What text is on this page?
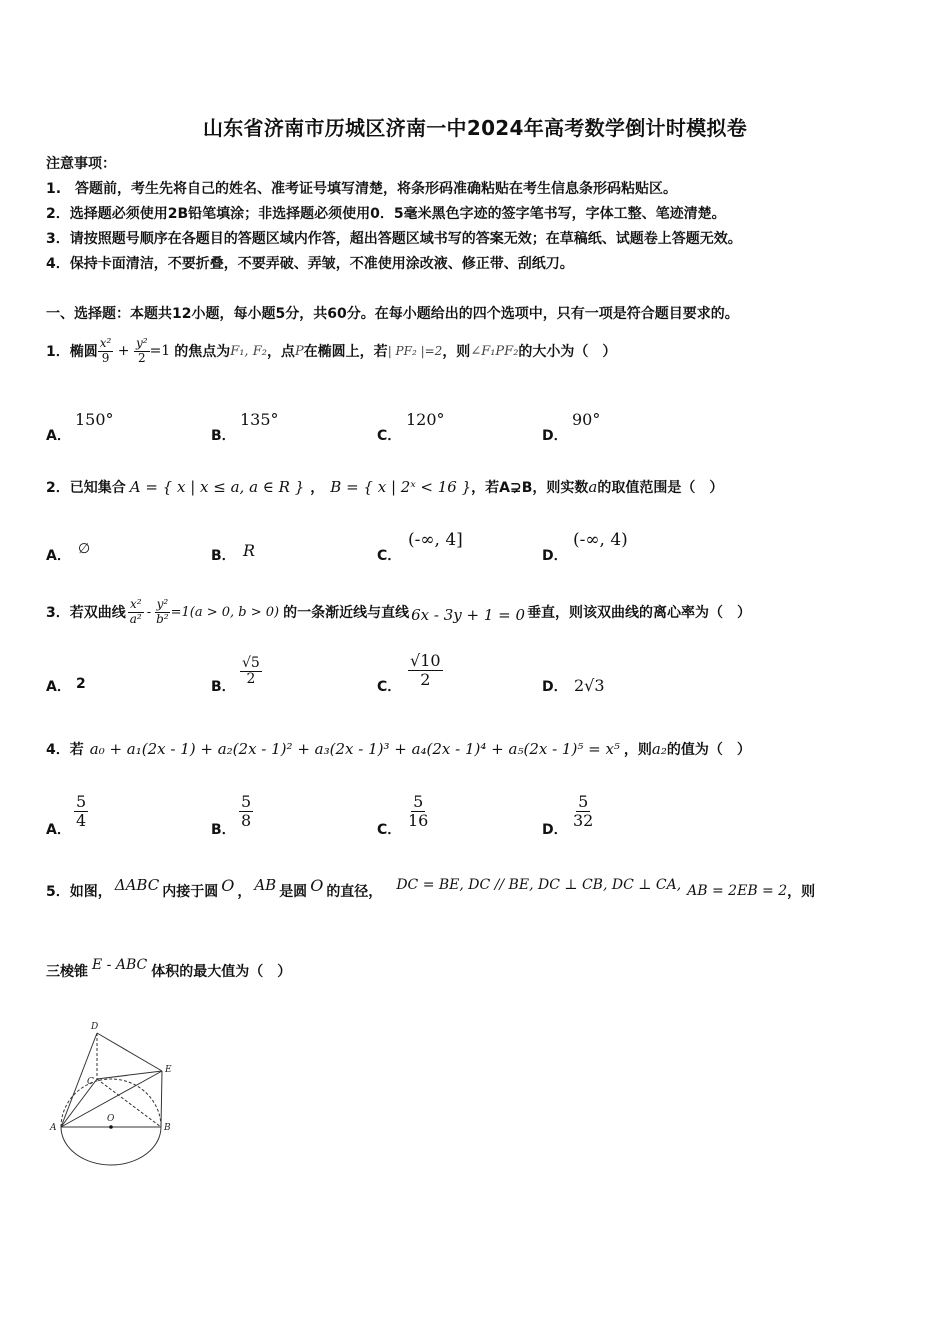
山东省济南市历城区济南一中2024年高考数学倒计时模拟卷
注意事项：
1.　答题前，考生先将自己的姓名、准考证号填写清楚，将条形码准确粘贴在考生信息条形码粘贴区。
2．选择题必须使用2B铅笔填涂；非选择题必须使用0．5毫米黑色字迹的签字笔书写，字体工整、笔迹清楚。
3．请按照题号顺序在各题目的答题区域内作答，超出答题区域书写的答案无效；在草稿纸、试题卷上答题无效。
4．保持卡面清洁，不要折叠，不要弄破、弄皱，不准使用涂改液、修正带、刮纸刀。
一、选择题：本题共12小题，每小题5分，共60分。在每小题给出的四个选项中，只有一项是符合题目要求的。
1．椭圆 $\frac{\text{x²}}{9} + \frac{\text{y²}}{2} =1$ 的焦点为 F₁, F₂ ，点 P 在椭圆上，若 | PF₂ |=2 ，则 ∠F₁PF₂ 的大小为（　）
A．
150°
B．
135°
C．
120°
D．
90°
2．已知集合 A = { x | x ≤ a, a ∈ R } ， B = { x | 2ˣ < 16 } ，若A⊋B，则实数 a 的取值范围是（　）
A． ∅	B． R	C．
(-∞, 4]
D．
(-∞, 4)
3．若双曲线 $\frac{\text{x²}}{\text{a²}} - \frac{\text{y²}}{\text{b²}} =1(a > 0$, b > 0) 的一条渐近线与直线 6x - 3y + 1 = 0 垂直，则该双曲线的离心率为（　）
A． 2	B． $\frac{√5}{2}$	C． $\frac{√10}{2}$	D． 2√3
4．若 a₀ + a₁(2x - 1) + a₂(2x - 1)² + a₃(2x - 1)³ + a₄(2x - 1)⁴ + a₅(2x - 1)⁵ = x⁵ ，则 a₂ 的值为（　）
A．
$\frac{5}{4}$
B．
$\frac{5}{8}$
C．
$\frac{5}{16}$
D．
$\frac{5}{32}$
5．如图， ΔABC 内接于圆 O ， AB 是圆 O 的直径， DC = BE, DC // BE, DC ⊥ CB, DC ⊥ CA, AB = 2EB = 2 ，则
三棱锥 E - ABC 体积的最大值为（　）
D
E
C
O
A	B
